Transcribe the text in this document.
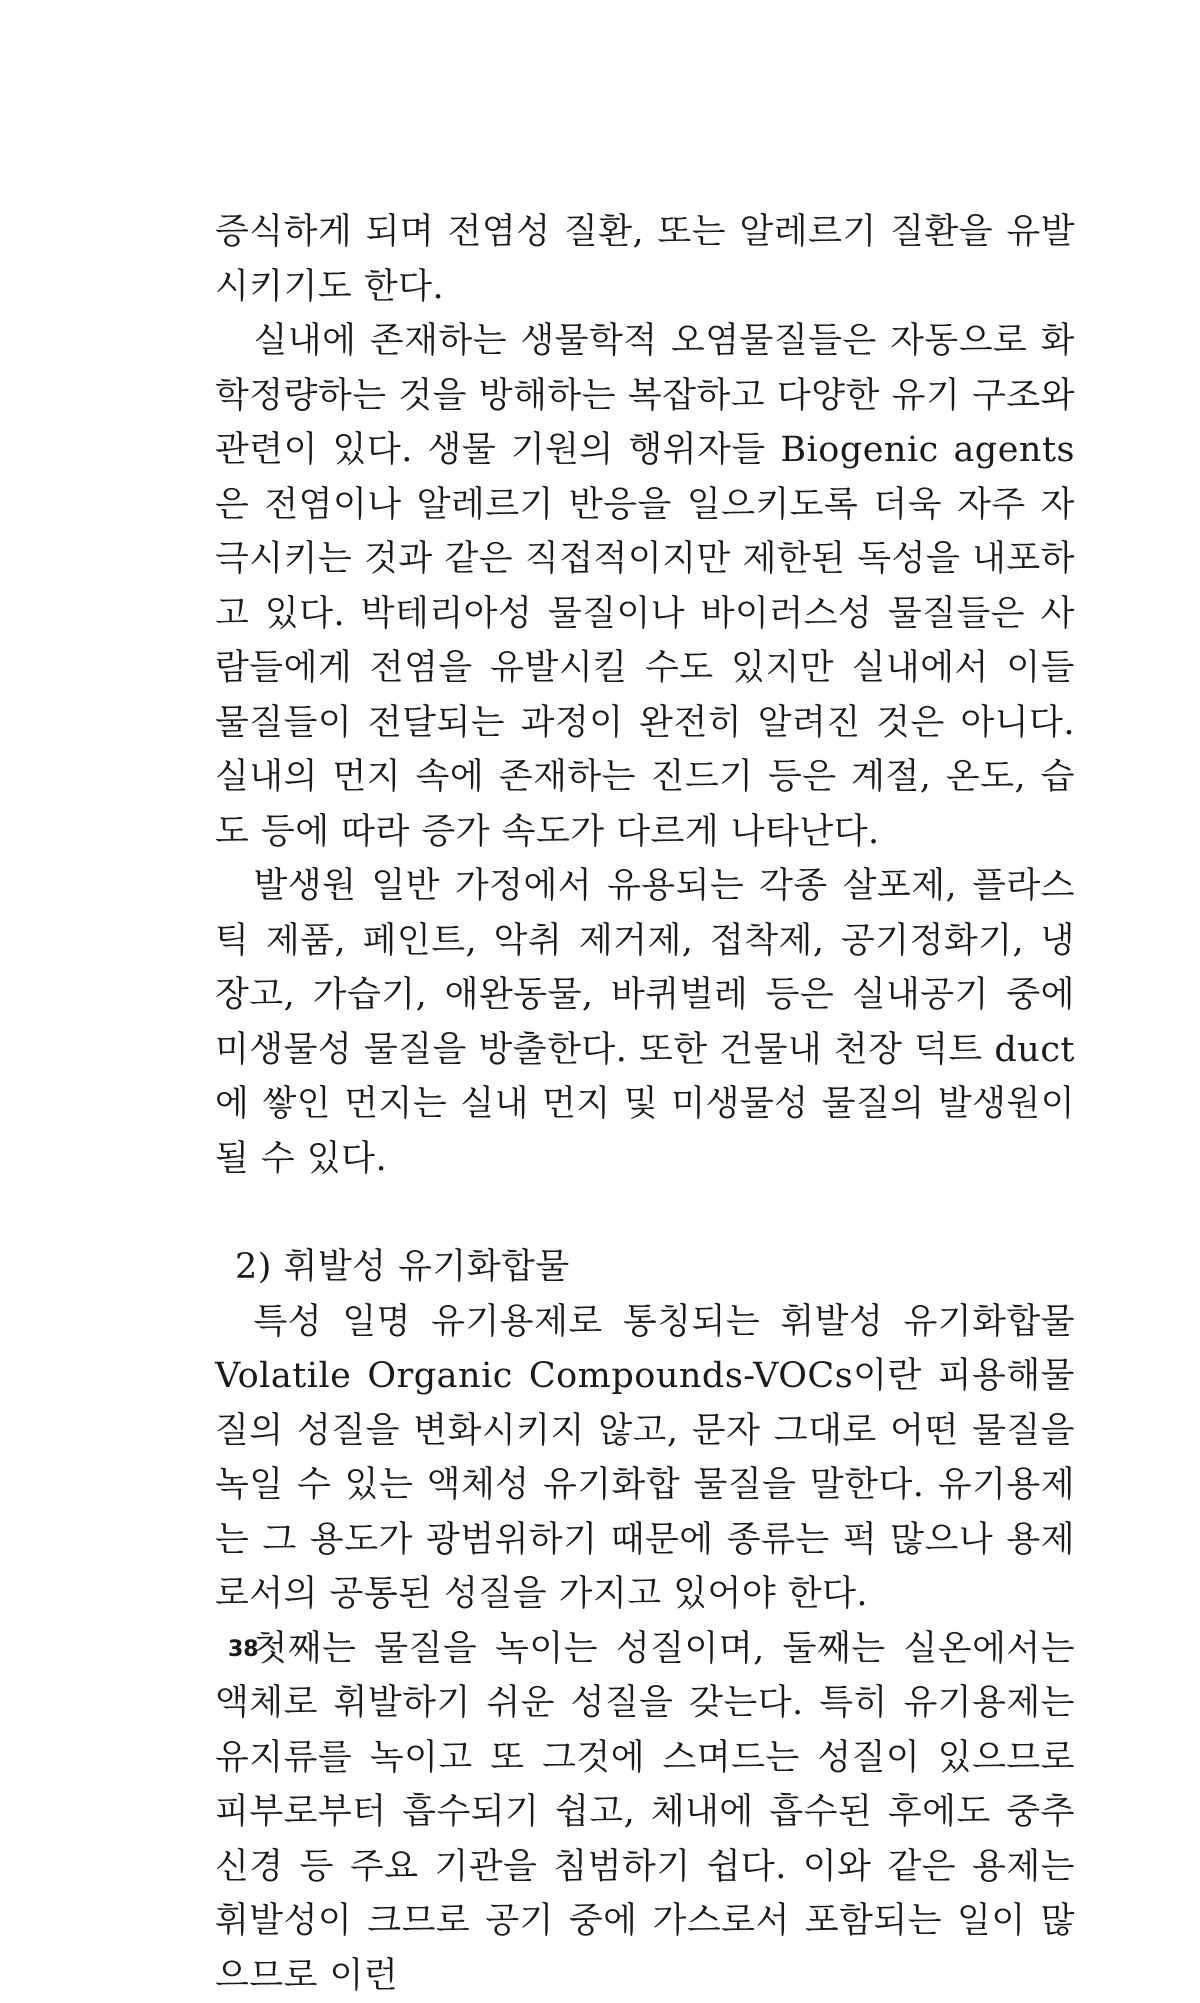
증식하게 되며 전염성 질환, 또는 알레르기 질환을 유발시키기도 한다.

실내에 존재하는 생물학적 오염물질들은 자동으로 화학정량하는 것을 방해하는 복잡하고 다양한 유기 구조와 관련이 있다. 생물 기원의 행위자들 Biogenic agents은 전염이나 알레르기 반응을 일으키도록 더욱 자주 자극시키는 것과 같은 직접적이지만 제한된 독성을 내포하고 있다. 박테리아성 물질이나 바이러스성 물질들은 사람들에게 전염을 유발시킬 수도 있지만 실내에서 이들 물질들이 전달되는 과정이 완전히 알려진 것은 아니다. 실내의 먼지 속에 존재하는 진드기 등은 계절, 온도, 습도 등에 따라 증가 속도가 다르게 나타난다.

발생원 일반 가정에서 유용되는 각종 살포제, 플라스틱 제품, 페인트, 악취 제거제, 접착제, 공기정화기, 냉장고, 가습기, 애완동물, 바퀴벌레 등은 실내공기 중에 미생물성 물질을 방출한다. 또한 건물내 천장 덕트 duct에 쌓인 먼지는 실내 먼지 및 미생물성 물질의 발생원이 될 수 있다.

2) 휘발성 유기화합물

특성 일명 유기용제로 통칭되는 휘발성 유기화합물 Volatile Organic Compounds-VOCs이란 피용해물질의 성질을 변화시키지 않고, 문자 그대로 어떤 물질을 녹일 수 있는 액체성 유기화합 물질을 말한다. 유기용제는 그 용도가 광범위하기 때문에 종류는 퍽 많으나 용제로서의 공통된 성질을 가지고 있어야 한다.

첫째는 물질을 녹이는 성질이며, 둘째는 실온에서는 액체로 휘발하기 쉬운 성질을 갖는다. 특히 유기용제는 유지류를 녹이고 또 그것에 스며드는 성질이 있으므로 피부로부터 흡수되기 쉽고, 체내에 흡수된 후에도 중추신경 등 주요 기관을 침범하기 쉽다. 이와 같은 용제는 휘발성이 크므로 공기 중에 가스로서 포함되는 일이 많으므로 이런

38
